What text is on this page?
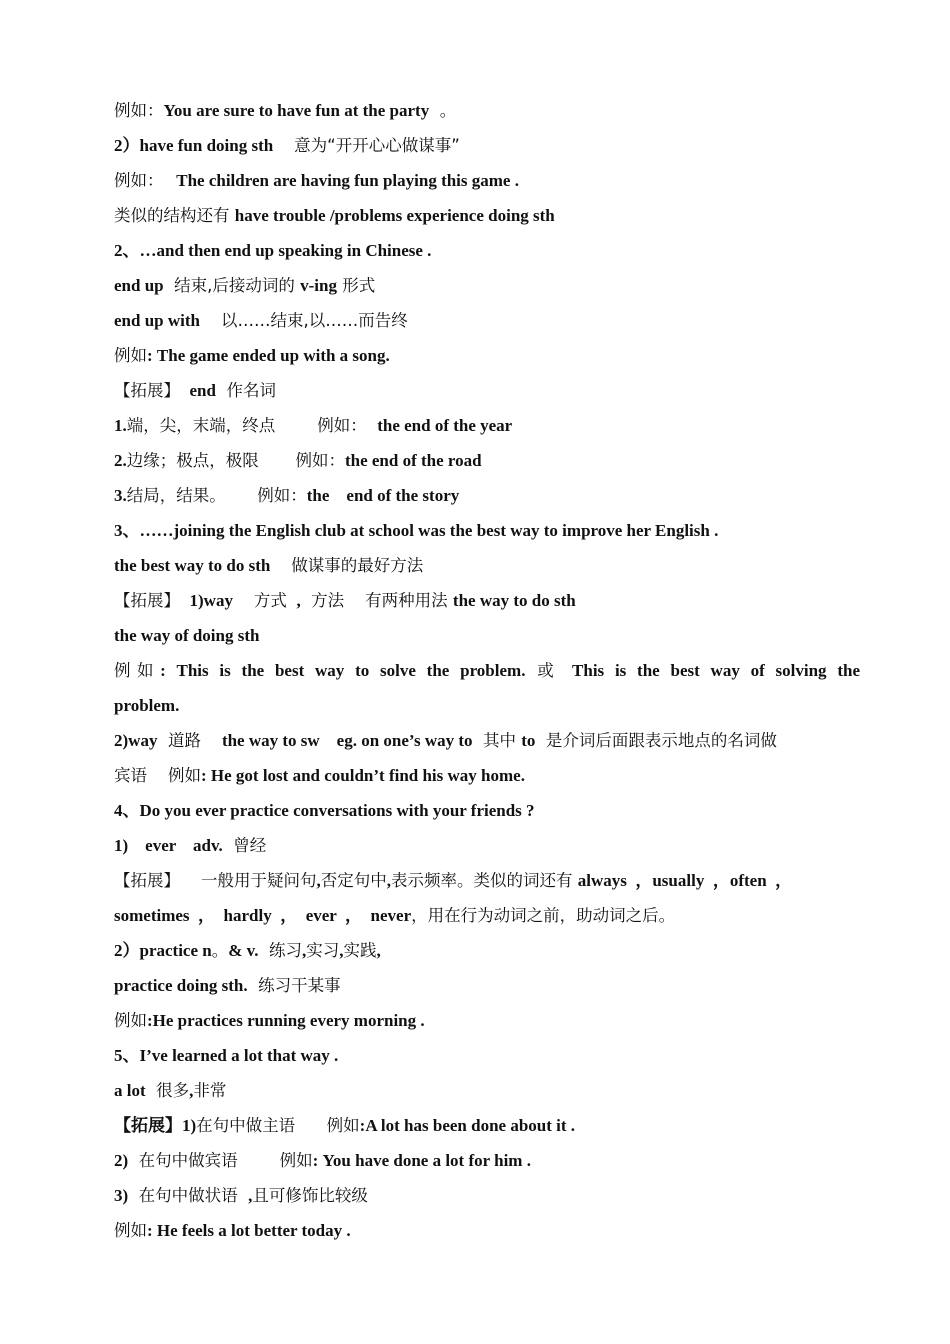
例如：You are sure to have fun at the party  。
2）have fun doing sth    意为“开开心心做谋事”
例如：   The children are having fun playing this game .
类似的结构还有 have trouble /problems experience doing sth
2、…and then end up speaking in Chinese .
end up  结束,后接动词的 v-ing 形式
end up with    以……结束,以……而告终
例如: The game ended up with a song.
【拓展】  end  作名词
1.端，尖，末端，终点        例如：  the end of the year
2.边缘；极点，极限       例如：the end of the road
3.结局，结果。      例如：the    end of the story
3、……joining the English club at school was the best way to improve her English .
the best way to do sth    做谋事的最好方法
【拓展】  1)way    方式  ,  方法    有两种用法 the way to do sth
the way of doing sth
例如: This is the best way to solve the problem. 或 This is the best way of solving the
problem.
2)way  道路    the way to sw    eg. on one’s way to  其中 to  是介词后面跟表示地点的名词做
宾语    例如: He got lost and couldn’t find his way home.
4、Do you ever practice conversations with your friends ?
1)    ever    adv.  曾经
【拓展】    一般用于疑问句,否定句中,表示频率。类似的词还有 always  ，usually  ，often  ，
sometimes  ，  hardly  ，  ever  ，  never，用在行为动词之前，助动词之后。
2）practice n。& v.  练习,实习,实践,
practice doing sth.  练习干某事
例如:He practices running every morning .
5、I’ve learned a lot that way .
a lot  很多,非常
【拓展】1)在句中做主语      例如:A lot has been done about it .
2)  在句中做宾语        例如: You have done a lot for him .
3)  在句中做状语  ,且可修饰比较级
例如: He feels a lot better today .
